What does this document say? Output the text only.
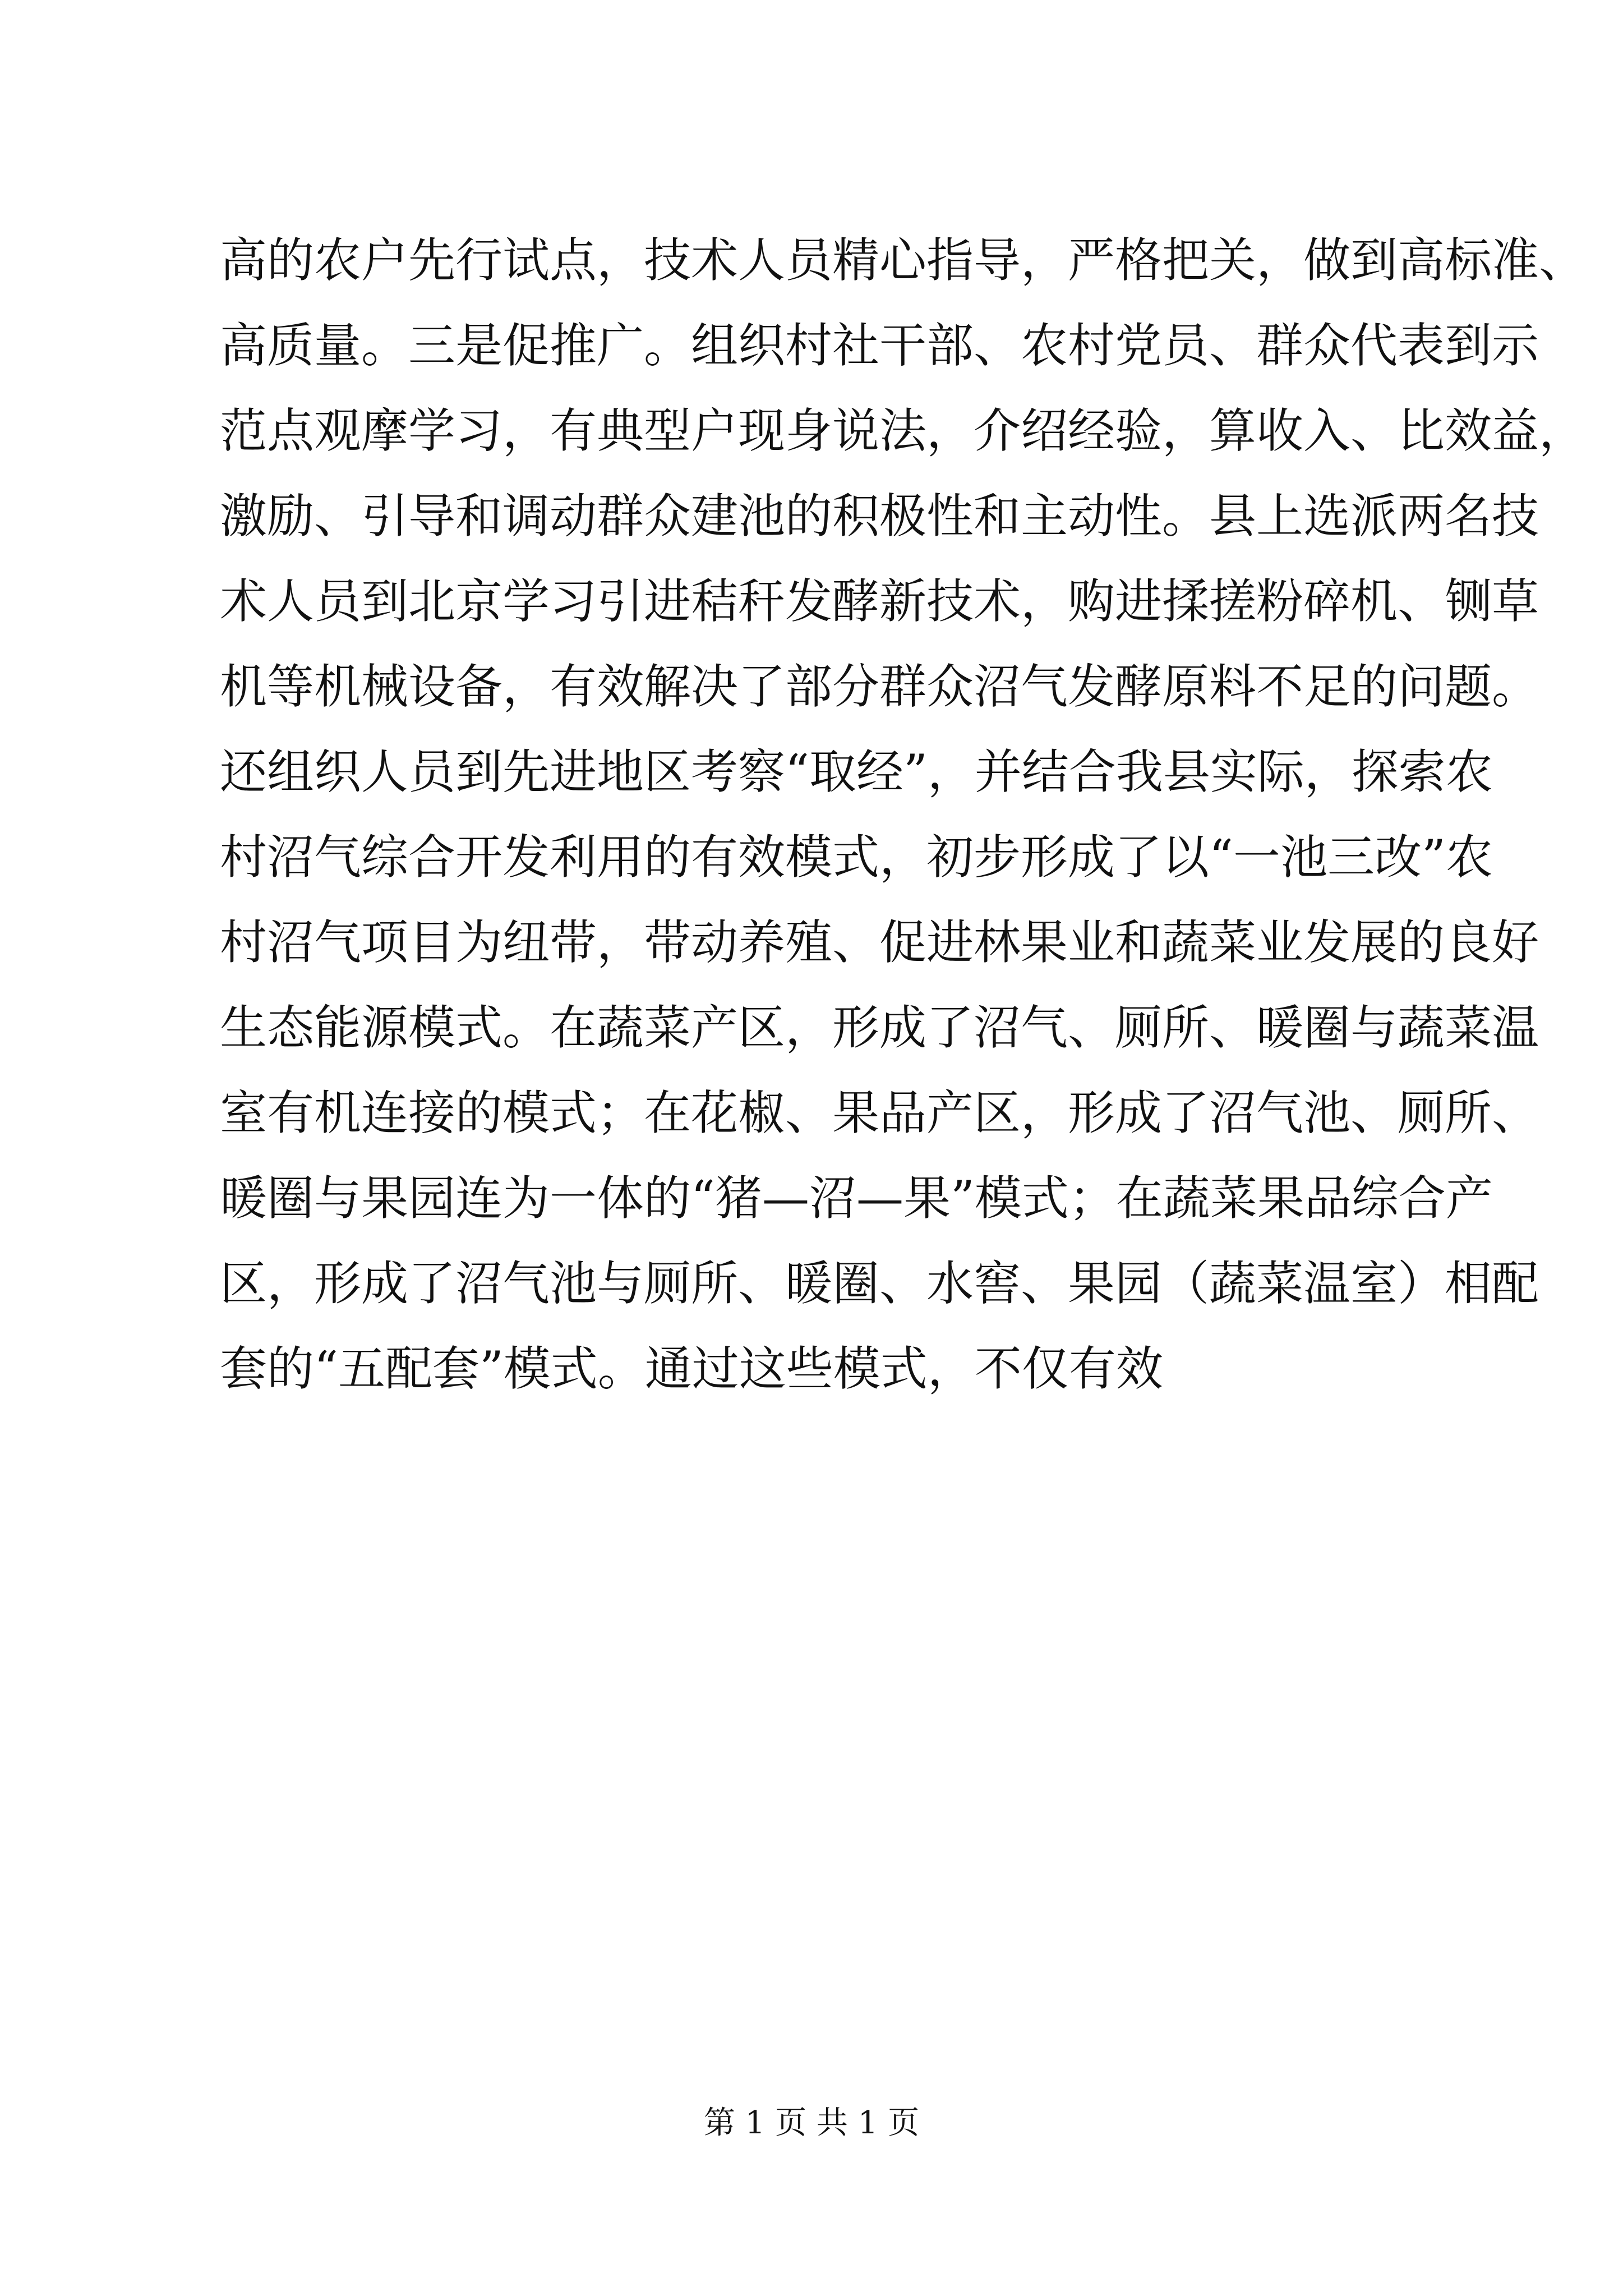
高的农户先行试点，技术人员精心指导，严格把关，做到高标准、
高质量。三是促推广。组织村社干部、农村党员、群众代表到示
范点观摩学习，有典型户现身说法，介绍经验，算收入、比效益，
激励、引导和调动群众建池的积极性和主动性。县上选派两名技
术人员到北京学习引进秸秆发酵新技术，购进揉搓粉碎机、铡草
机等机械设备，有效解决了部分群众沼气发酵原料不足的问题。
还组织人员到先进地区考察“取经”，并结合我县实际，探索农
村沼气综合开发利用的有效模式，初步形成了以“一池三改”农
村沼气项目为纽带，带动养殖、促进林果业和蔬菜业发展的良好
生态能源模式。在蔬菜产区，形成了沼气、厕所、暖圈与蔬菜温
室有机连接的模式；在花椒、果品产区，形成了沼气池、厕所、
暖圈与果园连为一体的“猪—沼—果”模式；在蔬菜果品综合产
区，形成了沼气池与厕所、暖圈、水窖、果园（蔬菜温室）相配
套的“五配套”模式。通过这些模式，不仅有效
第 1 页 共 1 页
